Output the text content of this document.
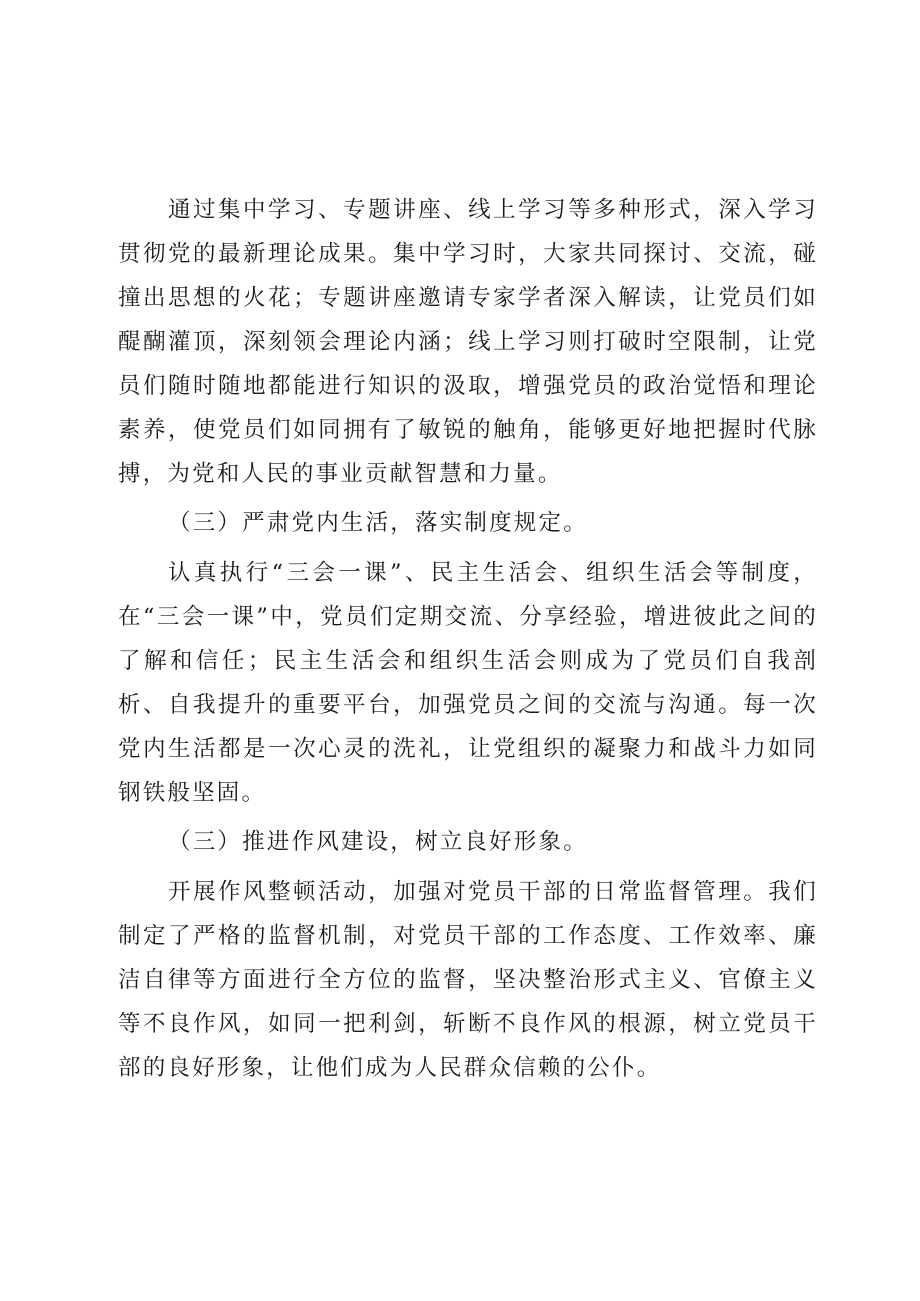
通过集中学习、专题讲座、线上学习等多种形式，深入学习贯彻党的最新理论成果。集中学习时，大家共同探讨、交流，碰撞出思想的火花；专题讲座邀请专家学者深入解读，让党员们如醍醐灌顶，深刻领会理论内涵；线上学习则打破时空限制，让党员们随时随地都能进行知识的汲取，增强党员的政治觉悟和理论素养，使党员们如同拥有了敏锐的触角，能够更好地把握时代脉搏，为党和人民的事业贡献智慧和力量。

（三）严肃党内生活，落实制度规定。

认真执行“三会一课”、民主生活会、组织生活会等制度，在“三会一课”中，党员们定期交流、分享经验，增进彼此之间的了解和信任；民主生活会和组织生活会则成为了党员们自我剖析、自我提升的重要平台，加强党员之间的交流与沟通。每一次党内生活都是一次心灵的洗礼，让党组织的凝聚力和战斗力如同钢铁般坚固。

（三）推进作风建设，树立良好形象。

开展作风整顿活动，加强对党员干部的日常监督管理。我们制定了严格的监督机制，对党员干部的工作态度、工作效率、廉洁自律等方面进行全方位的监督，坚决整治形式主义、官僚主义等不良作风，如同一把利剑，斩断不良作风的根源，树立党员干部的良好形象，让他们成为人民群众信赖的公仆。
